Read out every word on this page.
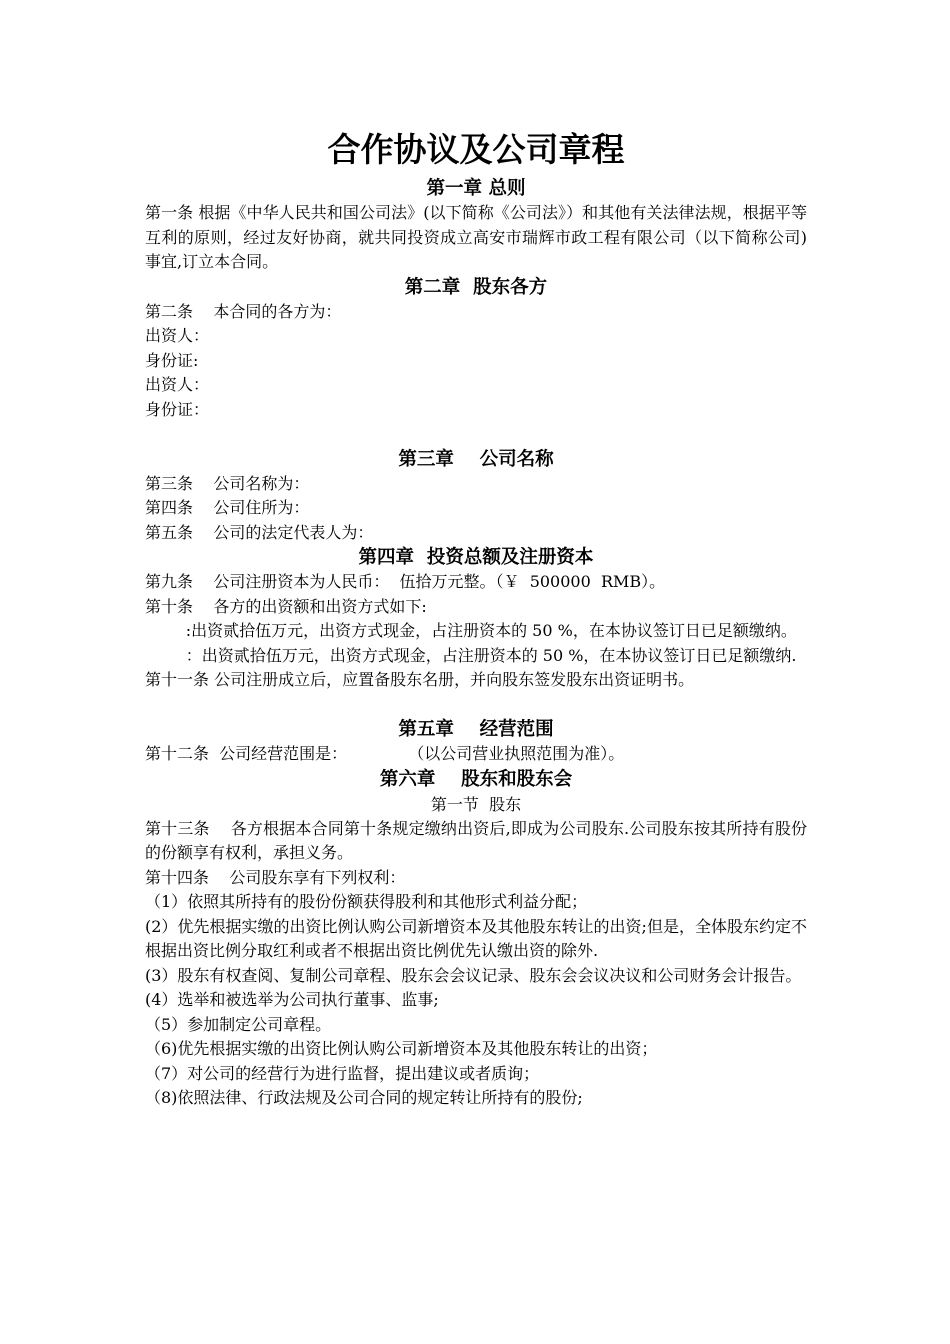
合作协议及公司章程
第一章 总则

第一条 根据《中华人民共和国公司法》(以下简称《公司法》）和其他有关法律法规，根据平等互利的原则，经过友好协商，就共同投资成立高安市瑞辉市政工程有限公司（以下简称公司)事宜,订立本合同。

第二章  股东各方

第二条    本合同的各方为：

出资人：

身份证:

出资人：

身份证：

第三章    公司名称

第三条    公司名称为：

第四条    公司住所为：

第五条    公司的法定代表人为：

第四章  投资总额及注册资本

第九条    公司注册资本为人民币：  伍拾万元整。（￥  500000  RMB）。

第十条    各方的出资额和出资方式如下:

:出资贰拾伍万元，出资方式现金，占注册资本的 50 %，在本协议签订日已足额缴纳。

：出资贰拾伍万元，出资方式现金，占注册资本的 50 %，在本协议签订日已足额缴纳.

第十一条 公司注册成立后，应置备股东名册，并向股东签发股东出资证明书。

第五章    经营范围

第十二条  公司经营范围是：            （以公司营业执照范围为准）。

第六章    股东和股东会
第一节  股东

第十三条    各方根据本合同第十条规定缴纳出资后,即成为公司股东.公司股东按其所持有股份的份额享有权利，承担义务。

第十四条    公司股东享有下列权利：

（1）依照其所持有的股份份额获得股利和其他形式利益分配；

(2）优先根据实缴的出资比例认购公司新增资本及其他股东转让的出资;但是，全体股东约定不根据出资比例分取红利或者不根据出资比例优先认缴出资的除外.

(3）股东有权查阅、复制公司章程、股东会会议记录、股东会会议决议和公司财务会计报告。

(4）选举和被选举为公司执行董事、监事;

（5）参加制定公司章程。

（6)优先根据实缴的出资比例认购公司新增资本及其他股东转让的出资；

（7）对公司的经营行为进行监督，提出建议或者质询；

（8)依照法律、行政法规及公司合同的规定转让所持有的股份;
